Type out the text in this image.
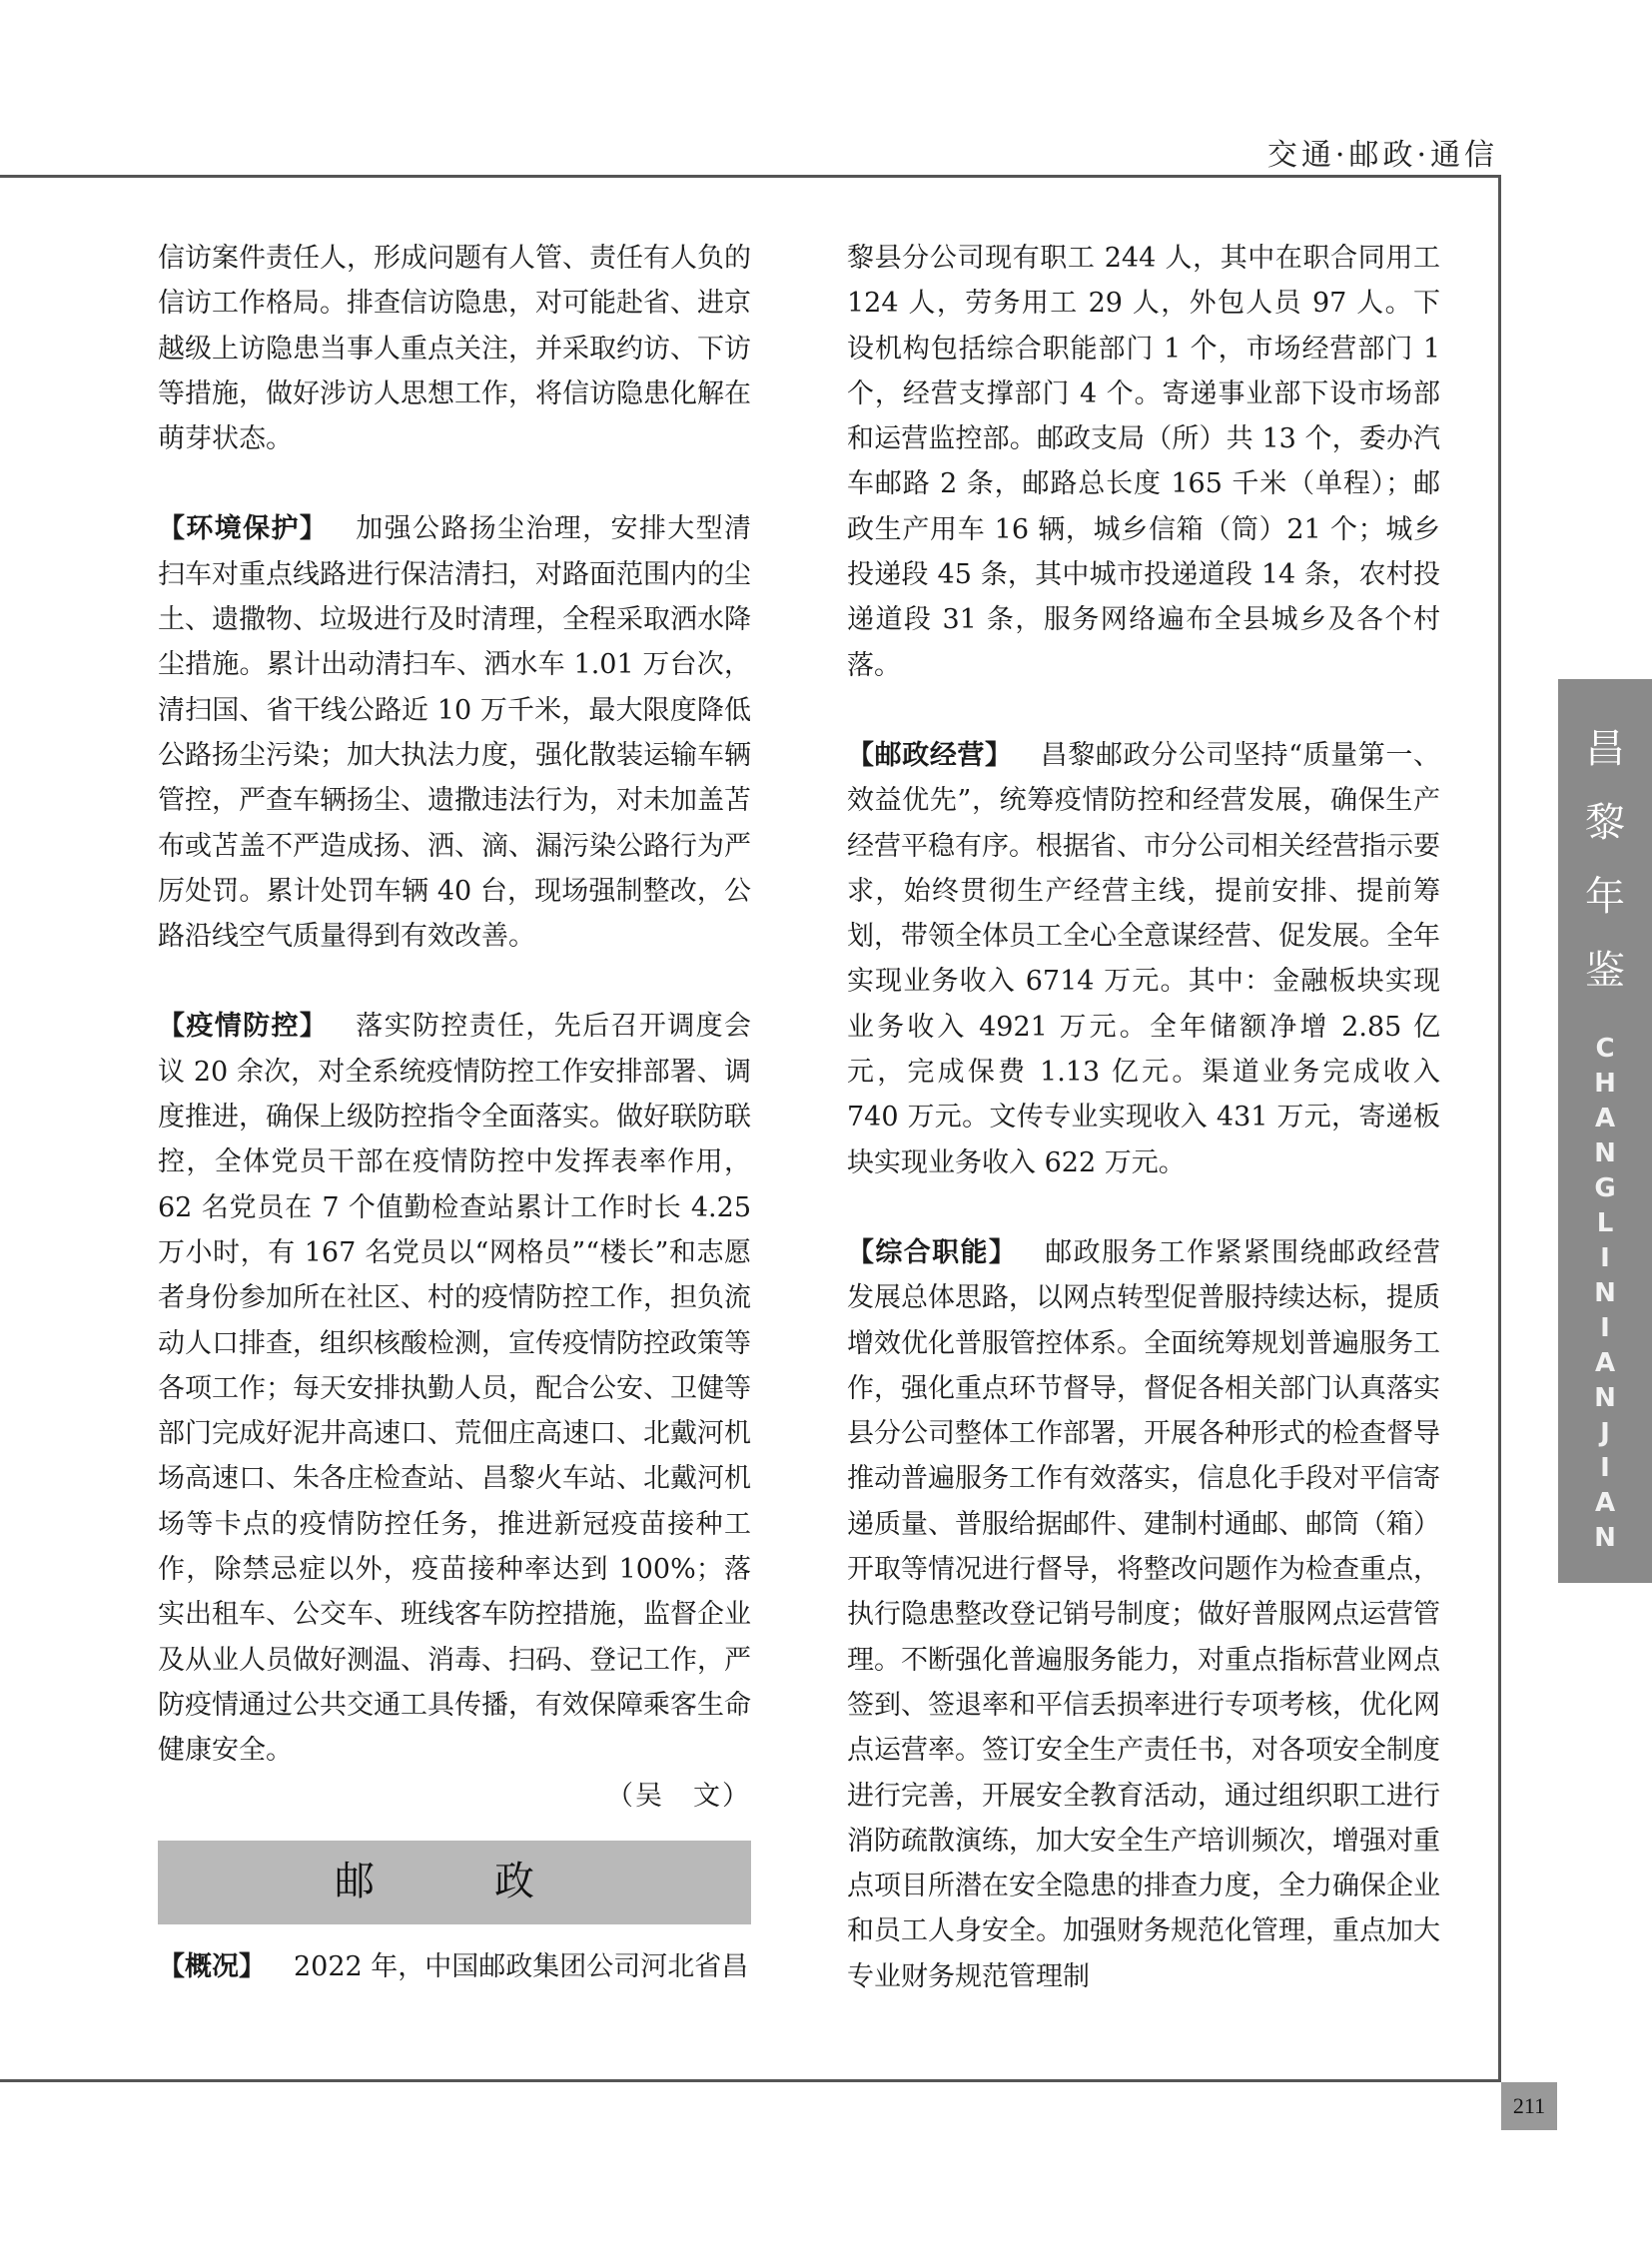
交通·邮政·通信
昌
黎
年
鉴
C
H
A
N
G
L
I
N
I
A
N
J
I
A
N
211

信访案件责任人，形成问题有人管、责任有人负的信访工作格局。排查信访隐患，对可能赴省、进京越级上访隐患当事人重点关注，并采取约访、下访等措施，做好涉访人思想工作，将信访隐患化解在萌芽状态。

【环境保护】 加强公路扬尘治理，安排大型清扫车对重点线路进行保洁清扫，对路面范围内的尘土、遗撒物、垃圾进行及时清理，全程采取洒水降尘措施。累计出动清扫车、洒水车 1.01 万台次，清扫国、省干线公路近 10 万千米，最大限度降低公路扬尘污染；加大执法力度，强化散装运输车辆管控，严查车辆扬尘、遗撒违法行为，对未加盖苫布或苫盖不严造成扬、洒、滴、漏污染公路行为严厉处罚。累计处罚车辆 40 台，现场强制整改，公路沿线空气质量得到有效改善。

【疫情防控】 落实防控责任，先后召开调度会议 20 余次，对全系统疫情防控工作安排部署、调度推进，确保上级防控指令全面落实。做好联防联控，全体党员干部在疫情防控中发挥表率作用，62 名党员在 7 个值勤检查站累计工作时长 4.25 万小时，有 167 名党员以“网格员”“楼长”和志愿者身份参加所在社区、村的疫情防控工作，担负流动人口排查，组织核酸检测，宣传疫情防控政策等各项工作；每天安排执勤人员，配合公安、卫健等部门完成好泥井高速口、荒佃庄高速口、北戴河机场高速口、朱各庄检查站、昌黎火车站、北戴河机场等卡点的疫情防控任务，推进新冠疫苗接种工作，除禁忌症以外，疫苗接种率达到 100%；落实出租车、公交车、班线客车防控措施，监督企业及从业人员做好测温、消毒、扫码、登记工作，严防疫情通过公共交通工具传播，有效保障乘客生命健康安全。

（吴　文）

邮　政

【概况】 2022 年，中国邮政集团公司河北省昌

黎县分公司现有职工 244 人，其中在职合同用工 124 人，劳务用工 29 人，外包人员 97 人。下设机构包括综合职能部门 1 个，市场经营部门 1 个，经营支撑部门 4 个。寄递事业部下设市场部和运营监控部。邮政支局（所）共 13 个，委办汽车邮路 2 条，邮路总长度 165 千米（单程）；邮政生产用车 16 辆，城乡信箱（筒）21 个；城乡投递段 45 条，其中城市投递道段 14 条，农村投递道段 31 条，服务网络遍布全县城乡及各个村落。

【邮政经营】 昌黎邮政分公司坚持“质量第一、效益优先”，统筹疫情防控和经营发展，确保生产经营平稳有序。根据省、市分公司相关经营指示要求，始终贯彻生产经营主线，提前安排、提前筹划，带领全体员工全心全意谋经营、促发展。全年实现业务收入 6714 万元。其中：金融板块实现业务收入 4921 万元。全年储额净增 2.85 亿元，完成保费 1.13 亿元。渠道业务完成收入 740 万元。文传专业实现收入 431 万元，寄递板块实现业务收入 622 万元。

【综合职能】 邮政服务工作紧紧围绕邮政经营发展总体思路，以网点转型促普服持续达标，提质增效优化普服管控体系。全面统筹规划普遍服务工作，强化重点环节督导，督促各相关部门认真落实县分公司整体工作部署，开展各种形式的检查督导推动普遍服务工作有效落实，信息化手段对平信寄递质量、普服给据邮件、建制村通邮、邮筒（箱）开取等情况进行督导，将整改问题作为检查重点，执行隐患整改登记销号制度；做好普服网点运营管理。不断强化普遍服务能力，对重点指标营业网点签到、签退率和平信丢损率进行专项考核，优化网点运营率。签订安全生产责任书，对各项安全制度进行完善，开展安全教育活动，通过组织职工进行消防疏散演练，加大安全生产培训频次，增强对重点项目所潜在安全隐患的排查力度，全力确保企业和员工人身安全。加强财务规范化管理，重点加大专业财务规范管理制
